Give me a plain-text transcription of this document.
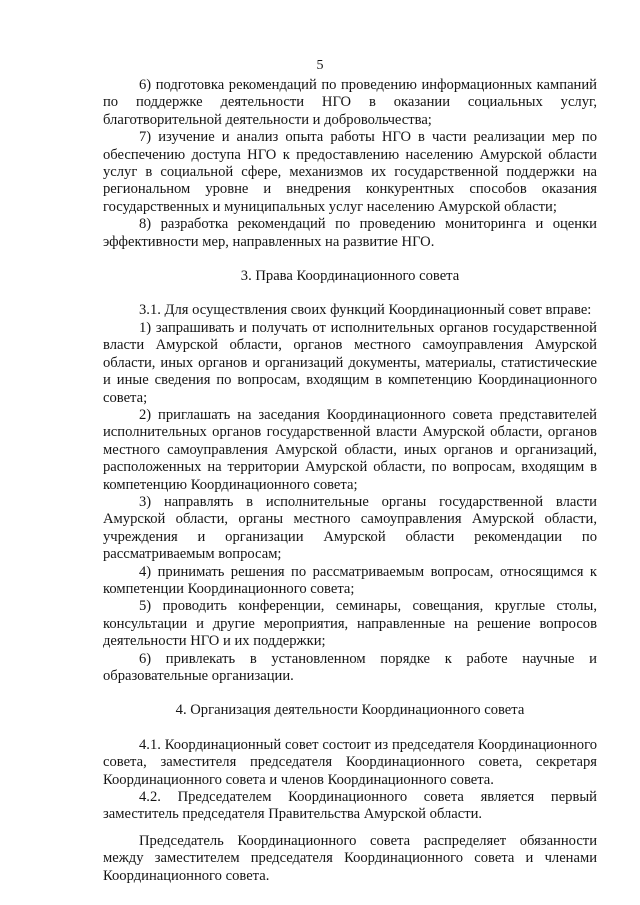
5

6) подготовка рекомендаций по проведению информационных кампаний по поддержке деятельности НГО в оказании социальных услуг, благотворительной деятельности и добровольчества;

7) изучение и анализ опыта работы НГО в части реализации мер по обеспечению доступа НГО к предоставлению населению Амурской области услуг в социальной сфере, механизмов их государственной поддержки на региональном уровне и внедрения конкурентных способов оказания государственных и муниципальных услуг населению Амурской области;

8) разработка рекомендаций по проведению мониторинга и оценки эффективности мер, направленных на развитие НГО.

3. Права Координационного совета

3.1. Для осуществления своих функций Координационный совет вправе:

1) запрашивать и получать от исполнительных органов государственной власти Амурской области, органов местного самоуправления Амурской области, иных органов и организаций документы, материалы, статистические и иные сведения по вопросам, входящим в компетенцию Координационного совета;

2) приглашать на заседания Координационного совета представителей исполнительных органов государственной власти Амурской области, органов местного самоуправления Амурской области, иных органов и организаций, расположенных на территории Амурской области, по вопросам, входящим в компетенцию Координационного совета;

3) направлять в исполнительные органы государственной власти Амурской области, органы местного самоуправления Амурской области, учреждения и организации Амурской области рекомендации по рассматриваемым вопросам;

4) принимать решения по рассматриваемым вопросам, относящимся к компетенции Координационного совета;

5) проводить конференции, семинары, совещания, круглые столы, консультации и другие мероприятия, направленные на решение вопросов деятельности НГО и их поддержки;

6) привлекать в установленном порядке к работе научные и образовательные организации.

4. Организация деятельности Координационного совета

4.1. Координационный совет состоит из председателя Координационного совета, заместителя председателя Координационного совета, секретаря Координационного совета и членов Координационного совета.

4.2. Председателем Координационного совета является первый заместитель председателя Правительства Амурской области.

Председатель Координационного совета распределяет обязанности между заместителем председателя Координационного совета и членами Координационного совета.
